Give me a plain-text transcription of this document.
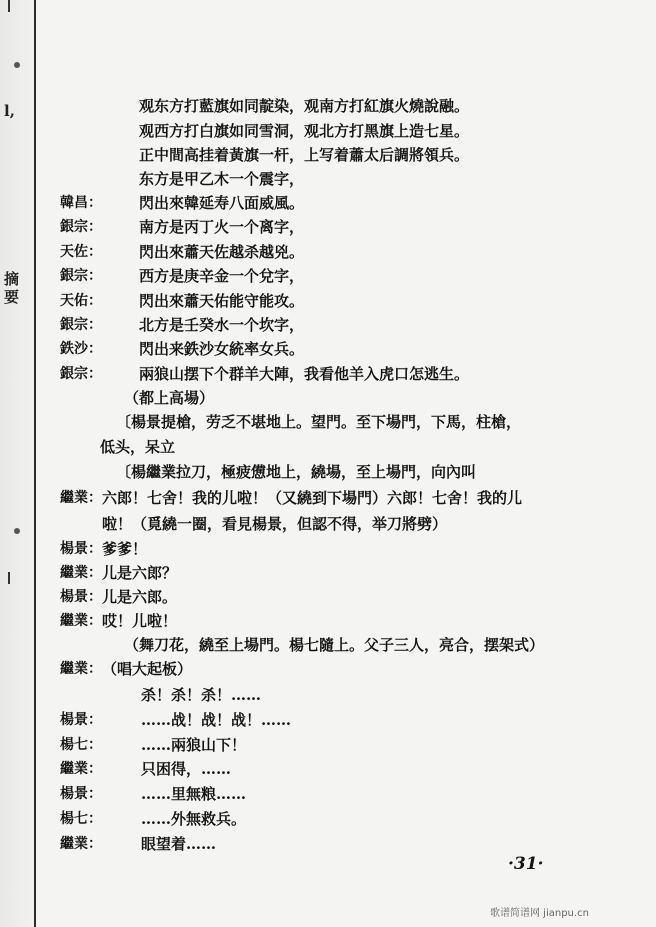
l,
摘
要
观东方打藍旗如同靛染，观南方打紅旗火燒說融。
观西方打白旗如同雪洞，观北方打黑旗上造七星。
正中間高挂着黃旗一杆，上写着蕭太后調將領兵。
东方是甲乙木一个震字，
韓昌： 閃出來韓延寿八面威風。
銀宗： 南方是丙丁火一个离字，
天佐： 閃出來蕭天佐越杀越兇。
銀宗： 西方是庚辛金一个兌字，
天佑： 閃出來蕭天佑能守能攻。
銀宗： 北方是壬癸水一个坎字，
鉄沙： 閃出来鉄沙女統率女兵。
銀宗： 兩狼山摆下个群羊大陣，我看他羊入虎口怎逃生。
（都上高場）
〔楊景提槍，劳乏不堪地上。望門。至下場門，下馬，柱槍，
低头，呆立
〔楊繼業拉刀，極疲憊地上，繞場，至上場門，向內叫
繼業： 六郎！七舍！我的儿啦！（又繞到下場門）六郎！七舍！我的儿
啦！（覓繞一圈，看見楊景，但認不得，举刀將劈）
楊景： 爹爹！
繼業： 儿是六郎？
楊景： 儿是六郎。
繼業： 哎！儿啦！
（舞刀花，繞至上場門。楊七隨上。父子三人，亮合，摆架式）
繼業： （唱大起板）
杀！杀！杀！……
楊景：	……战！战！战！……
楊七：	……兩狼山下！
繼業：	只困得，……
楊景：	……里無粮……
楊七：	……外無救兵。
繼業：	眼望着……
·31·
歌谱简谱网 jianpu.cn
